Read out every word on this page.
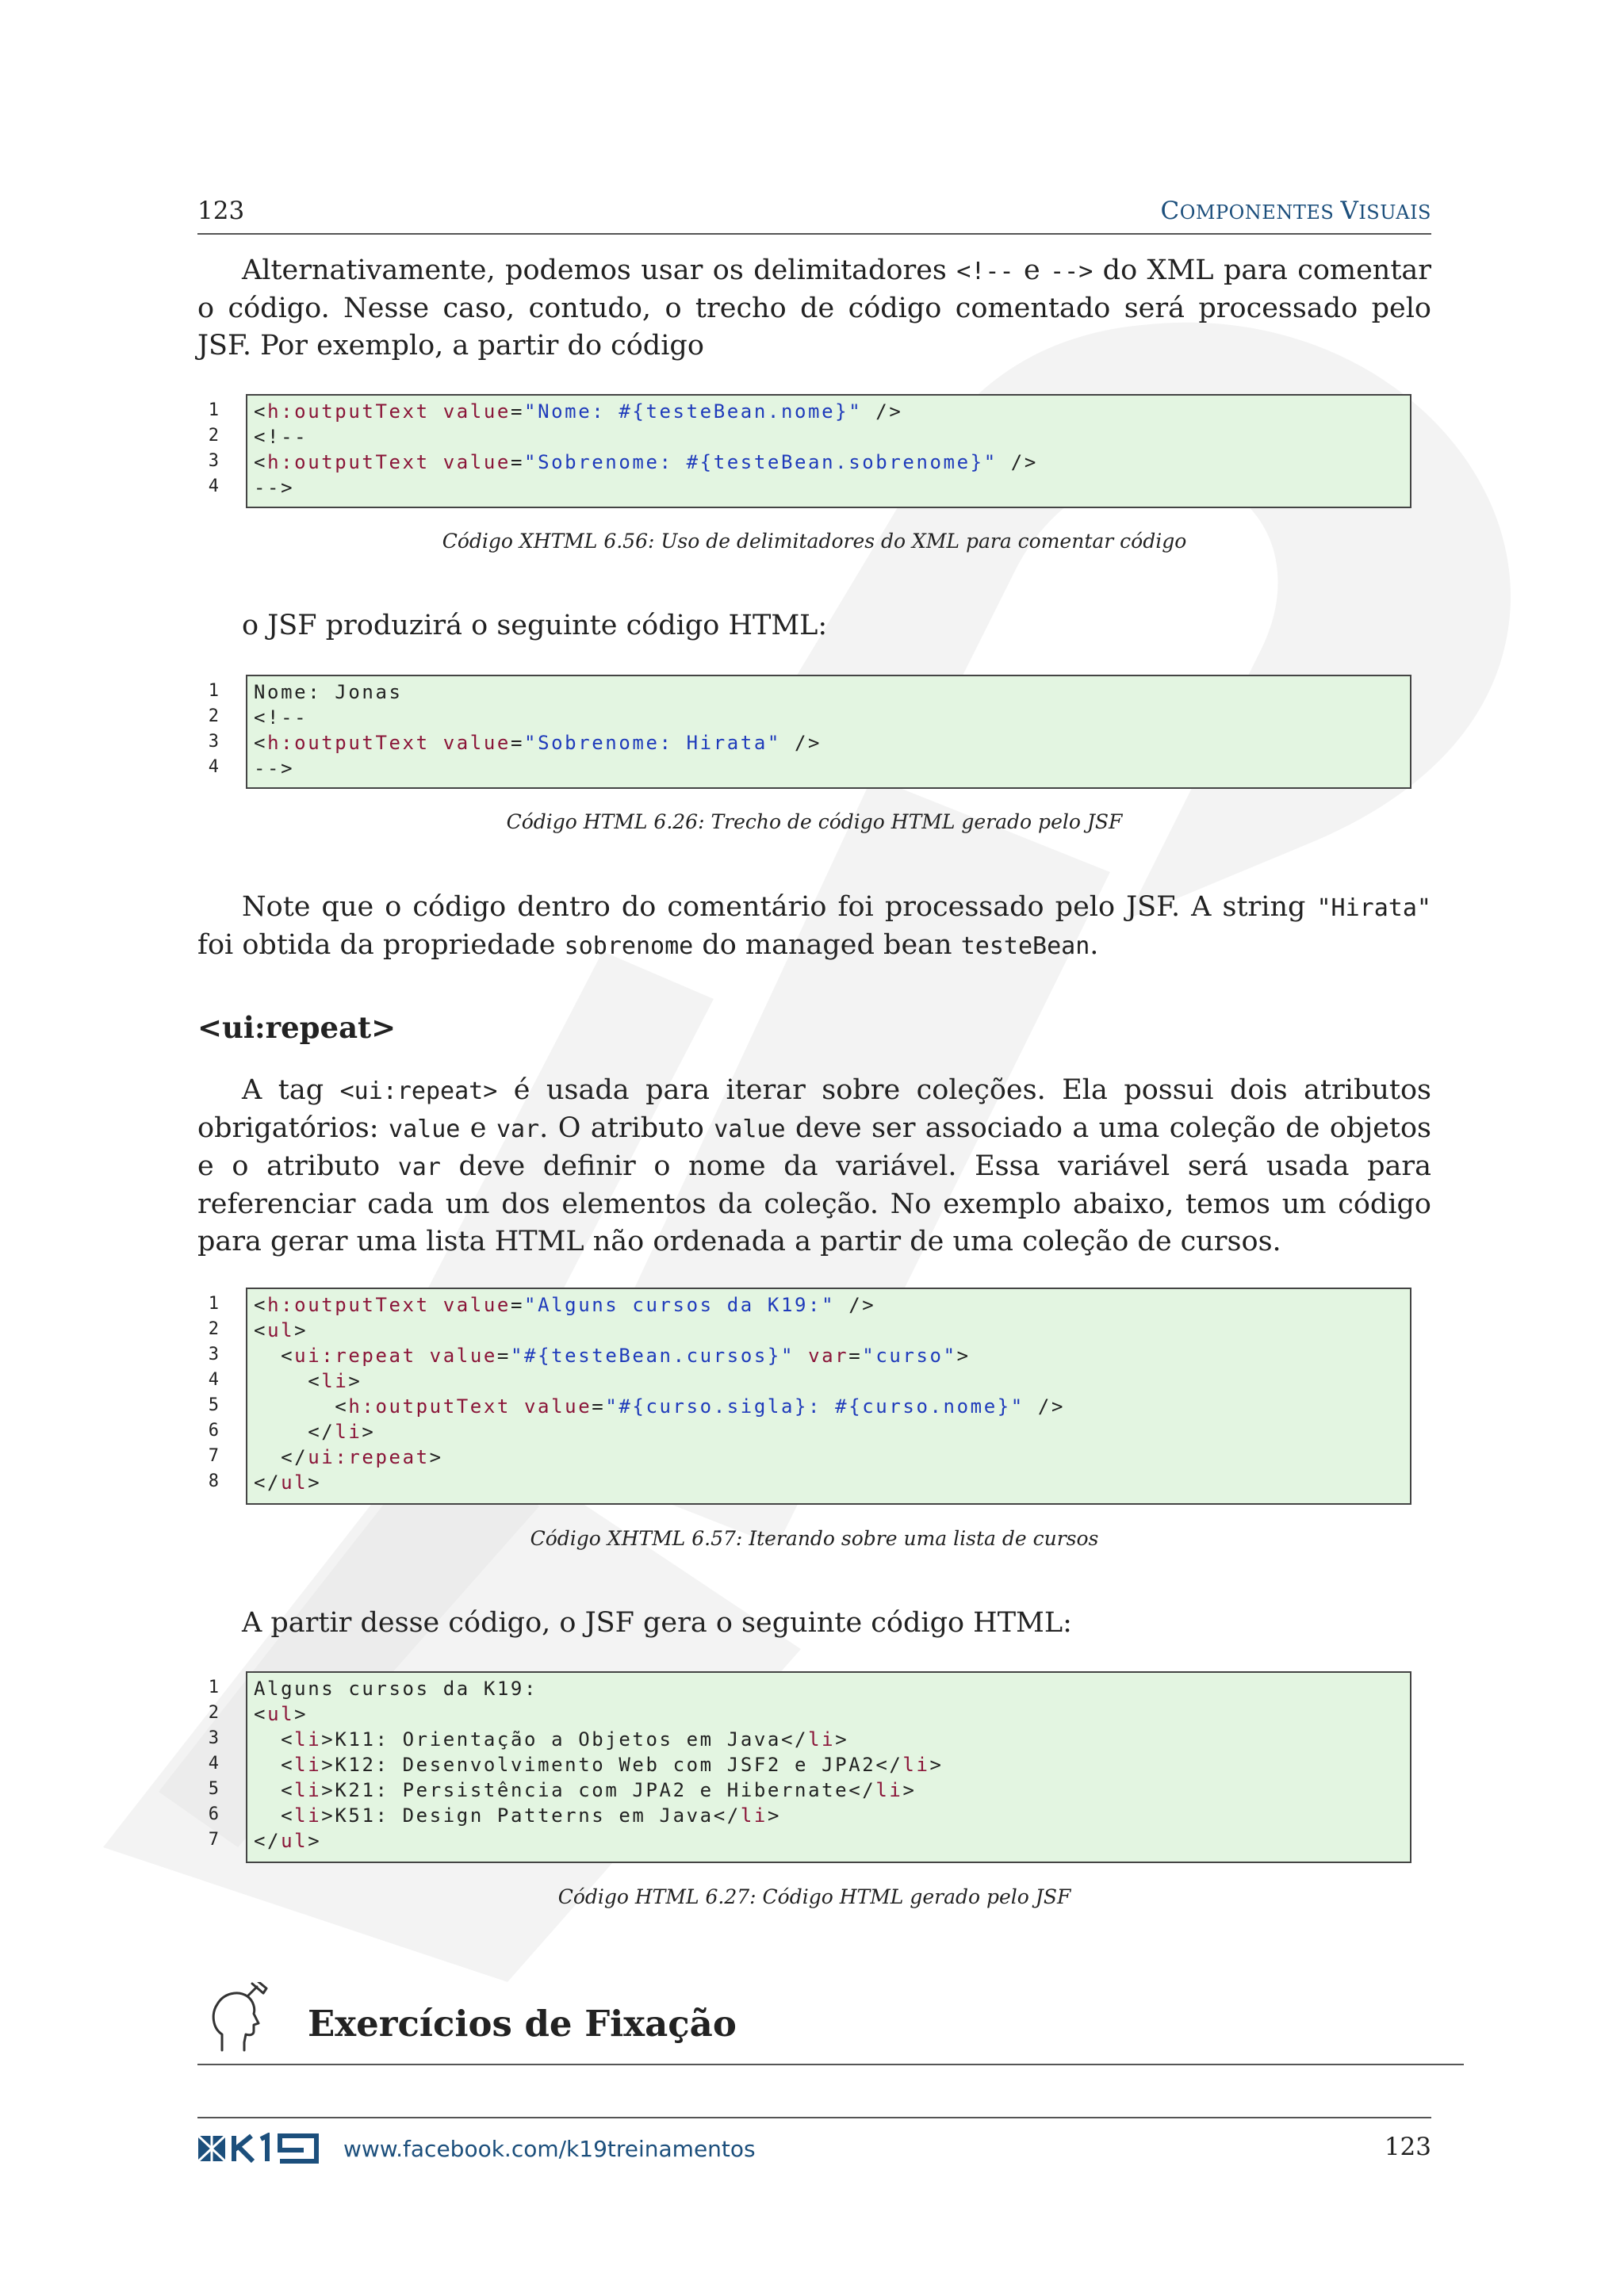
123	COMPONENTES VISUAIS
Alternativamente, podemos usar os delimitadores <!-- e --> do XML para comentar o código. Nesse caso, contudo, o trecho de código comentado será processado pelo JSF. Por exemplo, a partir do código
1
2
3
4
<h:outputText value="Nome: #{testeBean.nome}" />
<!--
<h:outputText value="Sobrenome: #{testeBean.sobrenome}" />
-->
Código XHTML 6.56: Uso de delimitadores do XML para comentar código
o JSF produzirá o seguinte código HTML:
1
2
3
4
Nome: Jonas
<!--
<h:outputText value="Sobrenome: Hirata" />
-->
Código HTML 6.26: Trecho de código HTML gerado pelo JSF
Note que o código dentro do comentário foi processado pelo JSF. A string "Hirata" foi obtida da propriedade sobrenome do managed bean testeBean.
<ui:repeat>
A tag <ui:repeat> é usada para iterar sobre coleções. Ela possui dois atributos obrigatórios: value e var. O atributo value deve ser associado a uma coleção de objetos e o atributo var deve definir o nome da variável. Essa variável será usada para referenciar cada um dos elementos da coleção. No exemplo abaixo, temos um código para gerar uma lista HTML não ordenada a partir de uma coleção de cursos.
1
2
3
4
5
6
7
8
<h:outputText value="Alguns cursos da K19:" />
<ul>
<ui:repeat value="#{testeBean.cursos}" var="curso">
<li>
<h:outputText value="#{curso.sigla}: #{curso.nome}" />
</li>
</ui:repeat>
</ul>
Código XHTML 6.57: Iterando sobre uma lista de cursos
A partir desse código, o JSF gera o seguinte código HTML:
1
2
3
4
5
6
7
Alguns cursos da K19:
<ul>
<li>K11: Orientação a Objetos em Java</li>
<li>K12: Desenvolvimento Web com JSF2 e JPA2</li>
<li>K21: Persistência com JPA2 e Hibernate</li>
<li>K51: Design Patterns em Java</li>
</ul>
Código HTML 6.27: Código HTML gerado pelo JSF
Exercícios de Fixação
www.facebook.com/k19treinamentos	123
